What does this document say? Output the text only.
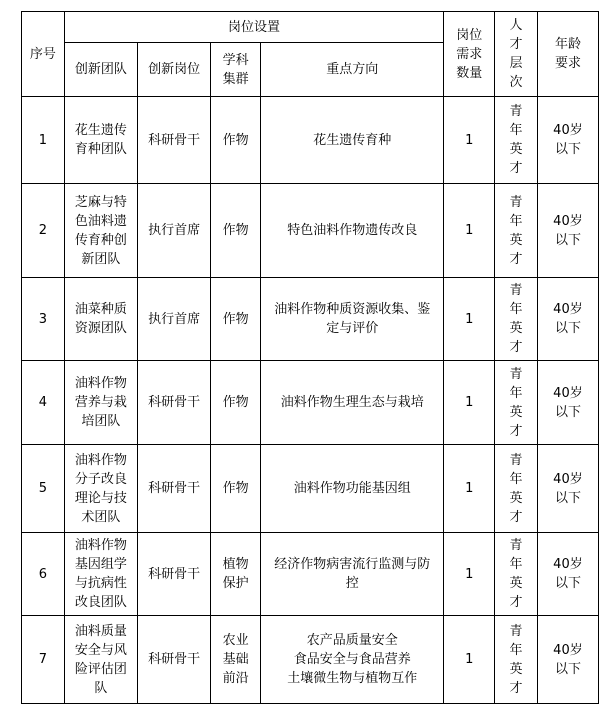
序号	岗位设置				岗位需求数量	人才层次	年龄要求
	创新团队	创新岗位	学科集群	重点方向			
1	花生遗传育种团队	科研骨干	作物	花生遗传育种	1	青年英才	40岁以下
2	芝麻与特色油料遗传育种创新团队	执行首席	作物	特色油料作物遗传改良	1	青年英才	40岁以下
3	油菜种质资源团队	执行首席	作物	油料作物种质资源收集、鉴定与评价	1	青年英才	40岁以下
4	油料作物营养与栽培团队	科研骨干	作物	油料作物生理生态与栽培	1	青年英才	40岁以下
5	油料作物分子改良理论与技术团队	科研骨干	作物	油料作物功能基因组	1	青年英才	40岁以下
6	油料作物基因组学与抗病性改良团队	科研骨干	植物保护	经济作物病害流行监测与防控	1	青年英才	40岁以下
7	油料质量安全与风险评估团队	科研骨干	农业基础前沿	农产品质量安全
食品安全与食品营养
土壤微生物与植物互作	1	青年英才	40岁以下
